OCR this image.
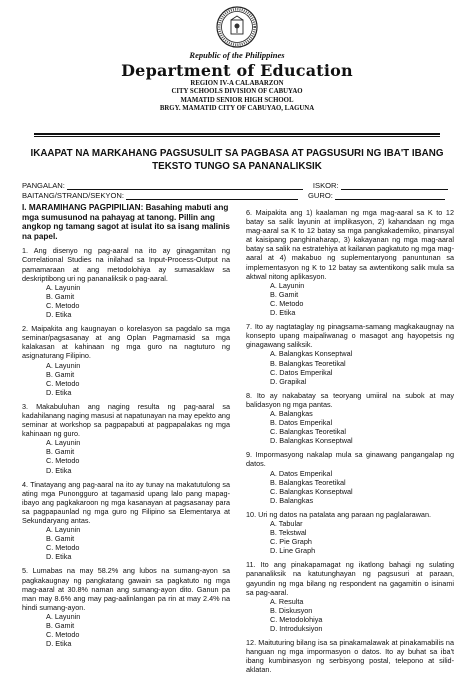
Republic of the Philippines
Department of Education
REGION IV-A CALABARZON
CITY SCHOOLS DIVISION OF CABUYAO
MAMATID SENIOR HIGH SCHOOL
BRGY. MAMATID CITY OF CABUYAO, LAGUNA
IKAAPAT NA MARKAHANG PAGSUSULIT SA PAGBASA AT PAGSUSURI NG IBA'T IBANG
TEKSTO TUNGO SA PANANALIKSIK
PANGALAN:	ISKOR:
BAITANG/STRAND/SEKYON:	GURO:
I. MARAMIHANG PAGPIPILIAN: Basahing mabuti ang mga sumusunod na pahayag at tanong. Pillin ang angkop ng tamang sagot at isulat ito sa isang malinis na papel.
1. Ang disenyo ng pag-aaral na ito ay ginagamitan ng Correlational Studies na inilahad sa Input-Process-Output na pamamaraan at ang metodolohiya ay sumasaklaw sa deskriptibong uri ng pananaliksik o pag-aaral.
A. Layunin
B. Gamit
C. Metodo
D. Etika
2. Maipakita ang kaugnayan o korelasyon sa pagdalo sa mga seminar/pagsasanay at ang Oplan Pagmamasid sa mga kalakasan at kahinaan ng mga guro na nagtuturo ng asignaturang Filipino.
A. Layunin
B. Gamit
C. Metodo
D. Etika
3. Makabuluhan ang naging resulta ng pag-aaral sa kadahilanang naging masusi at napatunayan na may epekto ang seminar at workshop sa pagpapabuti at pagpapalakas ng mga kahinaan ng guro.
A. Layunin
B. Gamit
C. Metodo
D. Etika
4. Tinatayang ang pag-aaral na ito ay tunay na makatutulong sa ating mga Punongguro at tagamasid upang lalo pang mapag-ibayo ang pagkakaroon ng mga kasanayan at pagsasanay para sa pagpapaunlad ng mga guro ng Filipino sa Elementarya at Sekundaryang antas.
A. Layunin
B. Gamit
C. Metodo
D. Etika
5. Lumabas na may 58.2% ang lubos na sumang-ayon sa pagkakaugnay ng pangkatang gawain sa pagkatuto ng mga mag-aaral at 30.8% naman ang sumang-ayon dito. Ganun pa man may 8.6% ang may pag-aalinlangan pa rin at may 2.4% na hindi sumang-ayon.
A. Layunin
B. Gamit
C. Metodo
D. Etika
6. Maipakita ang 1) kaalaman ng mga mag-aaral sa K to 12 batay sa salik layunin at implikasyon, 2) kahandaan ng mga mag-aaral sa K to 12 batay sa mga pangkakademiko, pinansyal at kaisipang panghinaharap, 3) kakayanan ng mga mag-aaral batay sa salik na estratehiya at kailanan pagkatuto ng mga mag-aaral at 4) makabuo ng suplementaryong panuntunan sa implementasyon ng K to 12 batay sa awtentikong salik mula sa aktwal nitong aplikasyon.
A. Layunin
B. Gamit
C. Metodo
D. Etika
7. Ito ay nagtataglay ng pinagsama-samang magkakaugnay na konsepto upang maipaliwanag o masagot ang hayopetsis ng ginagawang saliksik.
A. Balangkas Konseptwal
B. Balangkas Teoretikal
C. Datos Emperikal
D. Grapikal
8. Ito ay nakabatay sa teoryang umiiral na subok at may balidasyon ng mga pantas.
A. Balangkas
B. Datos Emperikal
C. Balangkas Teoretikal
D. Balangkas Konseptwal
9. Impormasyong nakalap mula sa ginawang pangangalap ng datos.
A. Datos Emperikal
B. Balangkas Teoretikal
C. Balangkas Konseptwal
D. Balangkas
10. Uri ng datos na patalata ang paraan ng paglalarawan.
A. Tabular
B. Tekstwal
C. Pie Graph
D. Line Graph
11. Ito ang pinakapamagat ng ikatlong bahagi ng sulating pananaliksik na katutunghayan ng pagsusuri at paraan, gayundin ng mga bilang ng respondent na gagamitin o isinami sa pag-aaral.
A. Resulta
B. Diskusyon
C. Metodolohiya
D. Introduksiyon
12. Maituturing bilang isa sa pinakamalawak at pinakamabilis na hanguan ng mga impormasyon o datos. Ito ay buhat sa iba't ibang kumbinasyon ng serbisyong postal, telepono at silid-aklatan.
